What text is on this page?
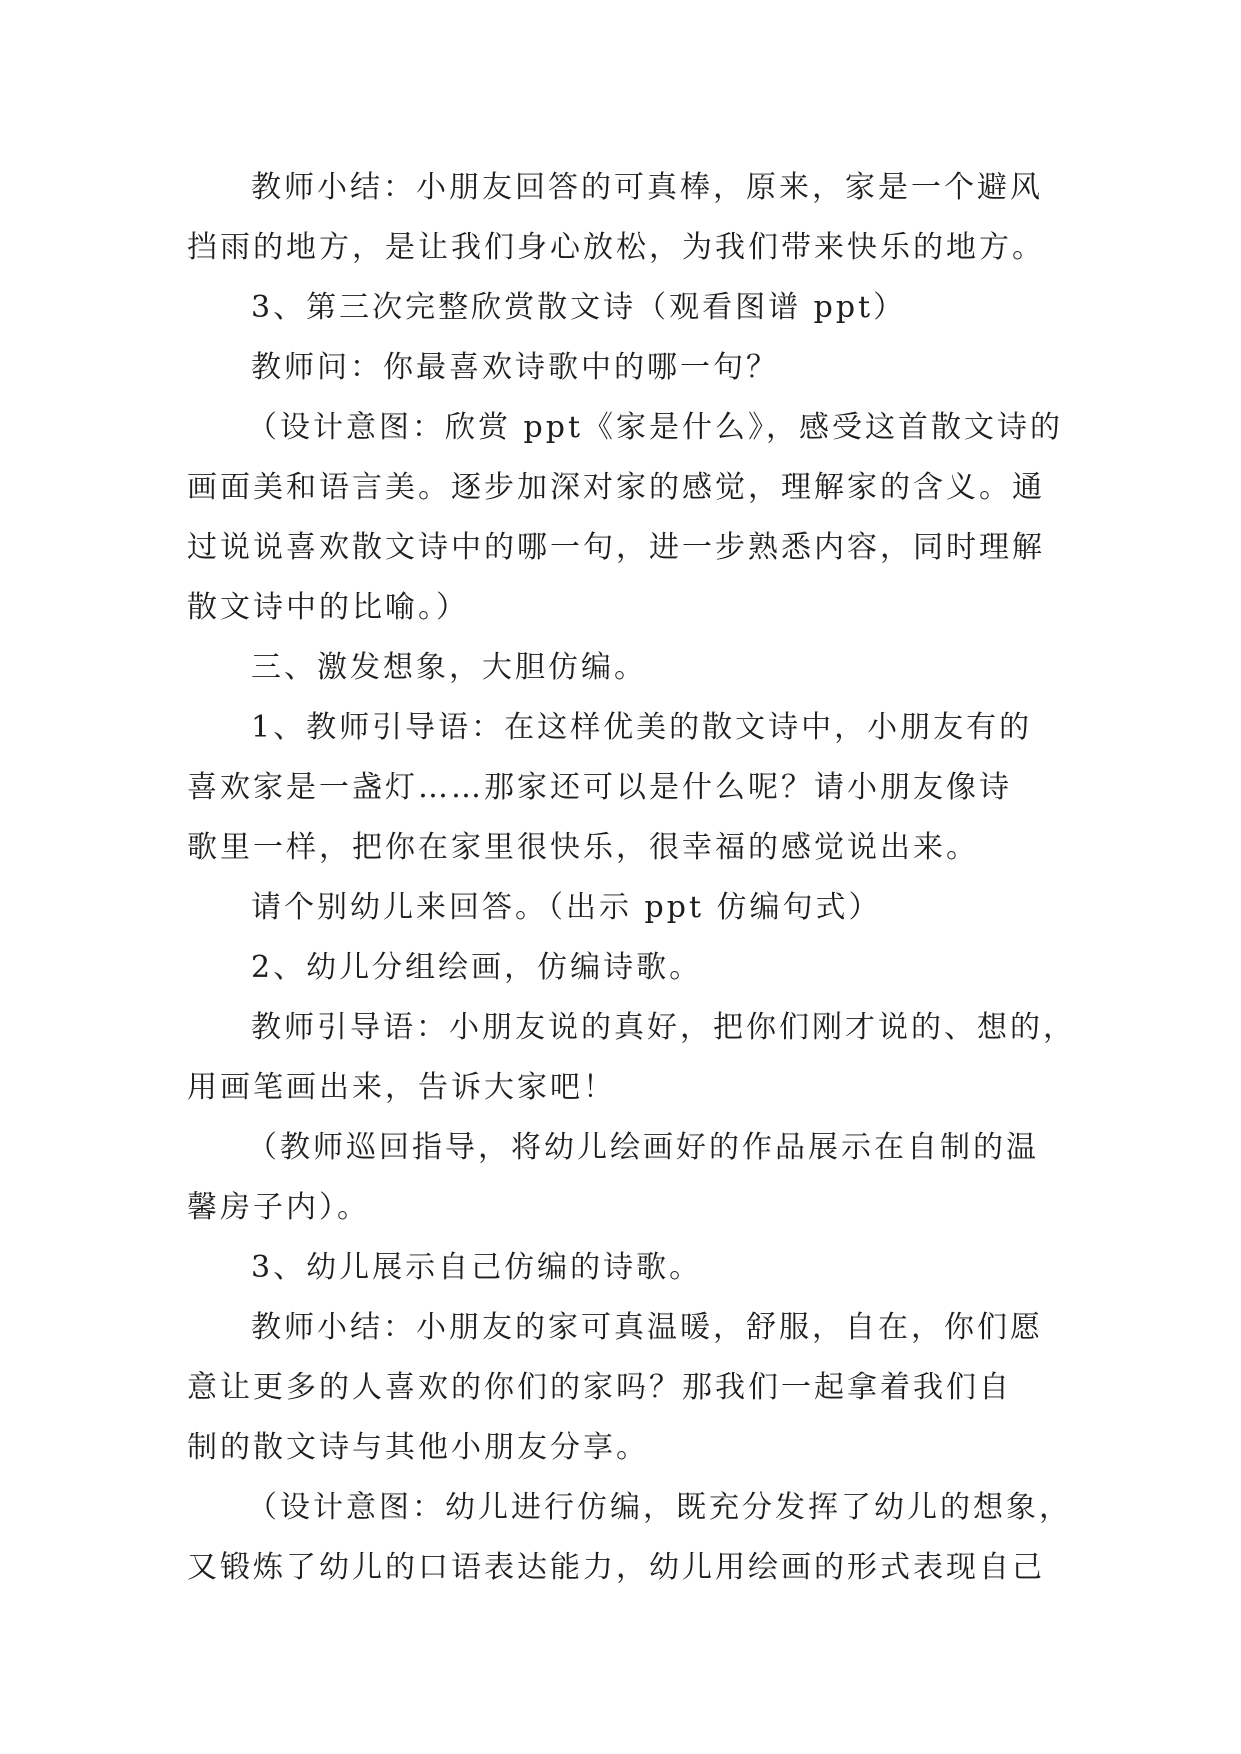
教师小结：小朋友回答的可真棒，原来，家是一个避风
挡雨的地方，是让我们身心放松，为我们带来快乐的地方。
3、第三次完整欣赏散文诗（观看图谱 ppt）
教师问：你最喜欢诗歌中的哪一句？
（设计意图：欣赏 ppt《家是什么》，感受这首散文诗的
画面美和语言美。逐步加深对家的感觉，理解家的含义。通
过说说喜欢散文诗中的哪一句，进一步熟悉内容，同时理解
散文诗中的比喻。）
三、激发想象，大胆仿编。
1、教师引导语：在这样优美的散文诗中，小朋友有的
喜欢家是一盏灯……那家还可以是什么呢？请小朋友像诗
歌里一样，把你在家里很快乐，很幸福的感觉说出来。
请个别幼儿来回答。（出示 ppt 仿编句式）
2、幼儿分组绘画，仿编诗歌。
教师引导语：小朋友说的真好，把你们刚才说的、想的，
用画笔画出来，告诉大家吧！
（教师巡回指导，将幼儿绘画好的作品展示在自制的温
馨房子内）。
3、幼儿展示自己仿编的诗歌。
教师小结：小朋友的家可真温暖，舒服，自在，你们愿
意让更多的人喜欢的你们的家吗？那我们一起拿着我们自
制的散文诗与其他小朋友分享。
（设计意图：幼儿进行仿编，既充分发挥了幼儿的想象，
又锻炼了幼儿的口语表达能力，幼儿用绘画的形式表现自己
